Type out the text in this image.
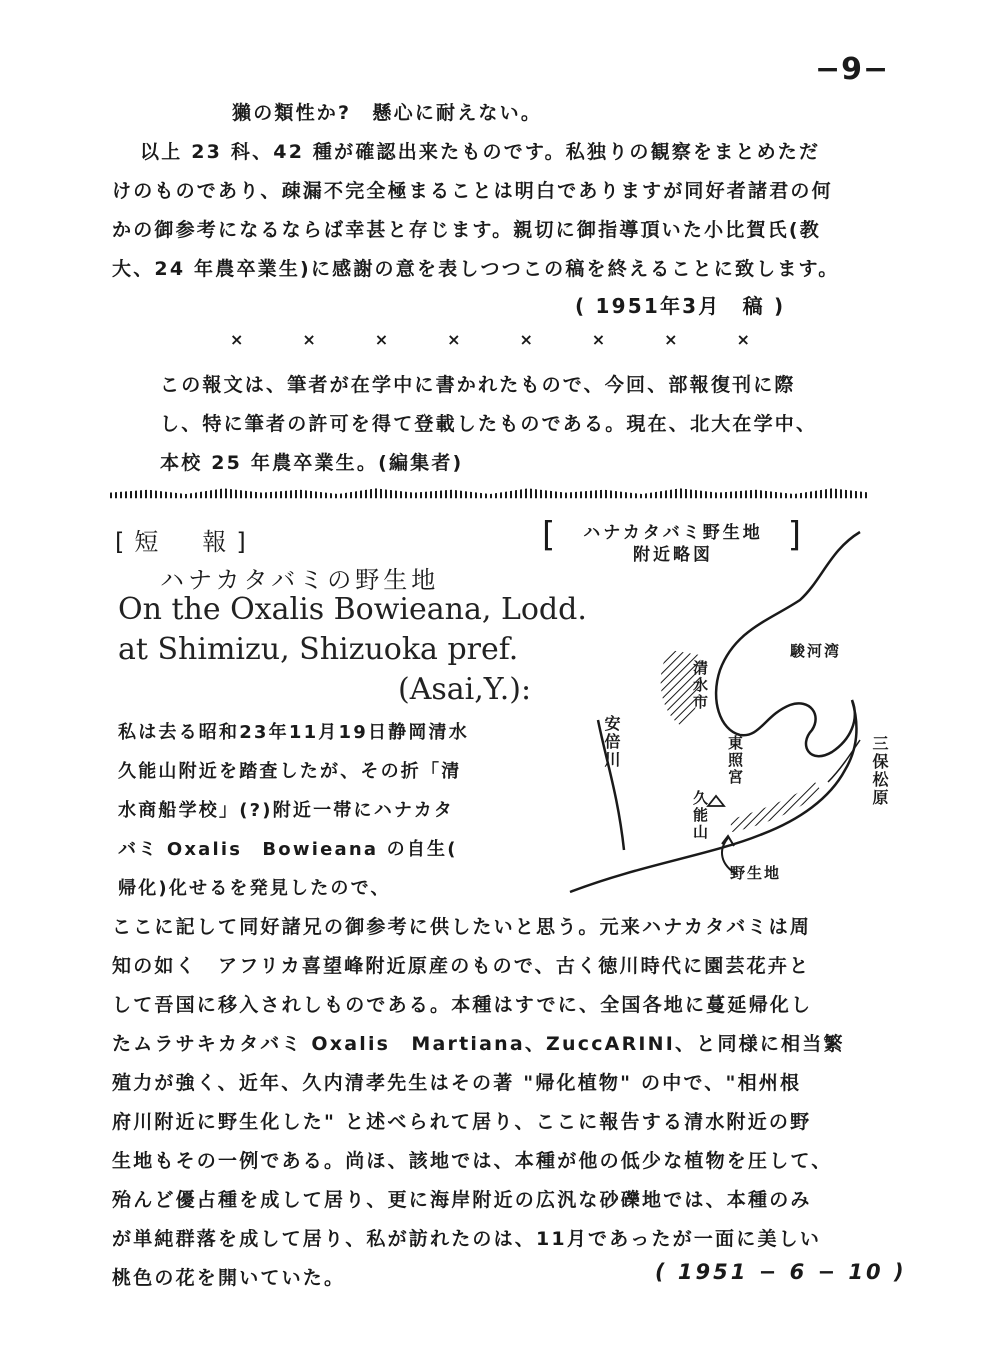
−9−
獺の類性か?　懸心に耐えない。
以上 23 科、42 種が確認出来たものです。私独りの観察をまとめただ
けのものであり、疎漏不完全極まることは明白でありますが同好者諸君の何
かの御参考になるならば幸甚と存じます。親切に御指導頂いた小比賀氏(教
大、24 年農卒業生)に感謝の意を表しつつこの稿を終えることに致します。
( 1951年3月　稿 )
×	×	×	×	×	×	×	×
この報文は、筆者が在学中に書かれたもので、今回、部報復刊に際
し、特に筆者の許可を得て登載したものである。現在、北大在学中、
本校 25 年農卒業生。(編集者)
[短　報]
ハナカタバミの野生地
On the Oxalis Bowieana, Lodd.
at Shimizu, Shizuoka pref.
(Asai,Y.):
私は去る昭和23年11月19日静岡清水
久能山附近を踏査したが、その折「清
水商船学校」(?)附近一帯にハナカタ
バミ Oxalis　Bowieana の自生(
帰化)化せるを発見したので、
ここに記して同好諸兄の御参考に供したいと思う。元来ハナカタバミは周
知の如く　アフリカ喜望峰附近原産のもので、古く徳川時代に園芸花卉と
して吾国に移入されしものである。本種はすでに、全国各地に蔓延帰化し
たムラサキカタバミ Oxalis　Martiana、ZuccARINI、と同様に相当繁
殖力が強く、近年、久内清孝先生はその著 "帰化植物" の中で、"相州根
府川附近に野生化した" と述べられて居り、ここに報告する清水附近の野
生地もその一例である。尚ほ、該地では、本種が他の低少な植物を圧して、
殆んど優占種を成して居り、更に海岸附近の広汎な砂礫地では、本種のみ
が単純群落を成して居り、私が訪れたのは、11月であったが一面に美しい
桃色の花を開いていた。	( 1951 − 6 − 10 )
[ ハナカタバミ野生地
附近略図
]
駿河湾
清水市
安倍川
久能山
東照宮	三保松原
野生地
